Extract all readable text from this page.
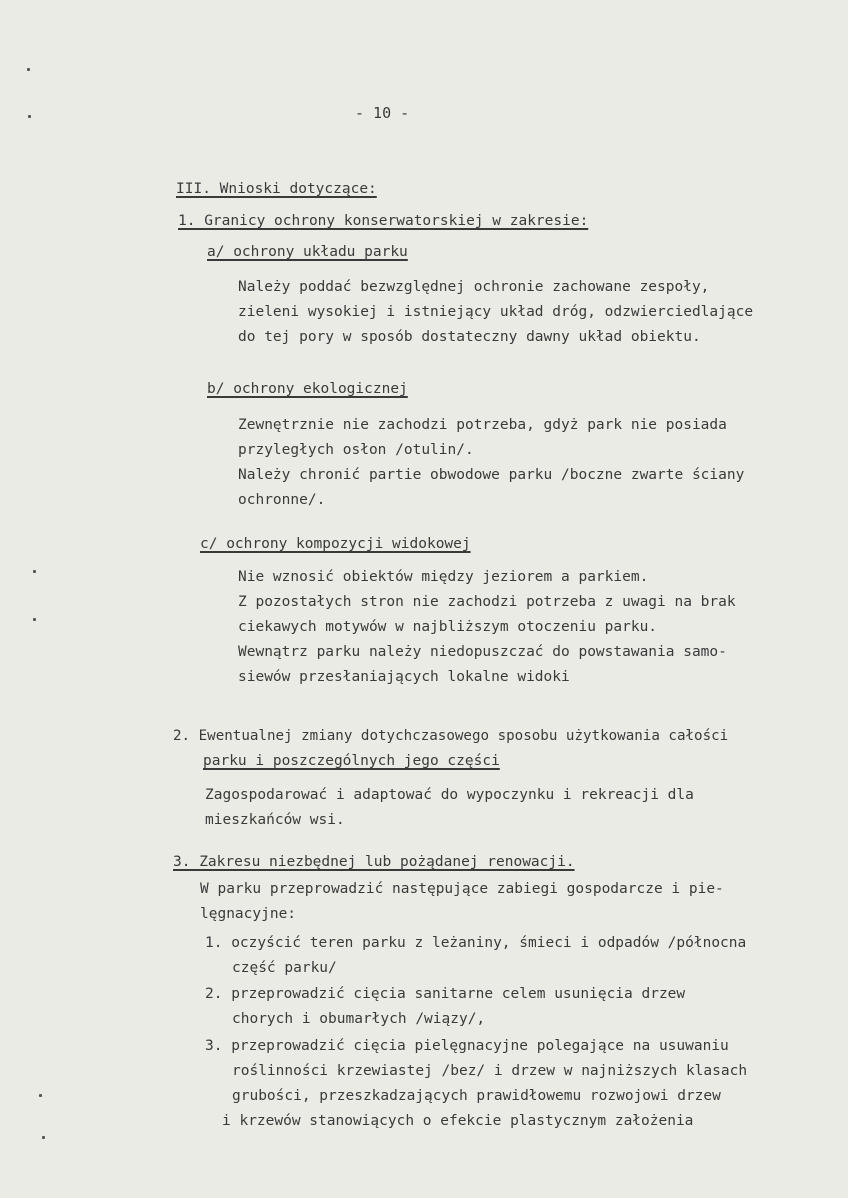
- 10 -
III. Wnioski dotyczące:
1. Granicy ochrony konserwatorskiej w zakresie:
a/ ochrony układu parku
Należy poddać bezwzględnej ochronie zachowane zespoły,
zieleni wysokiej i istniejący układ dróg, odzwierciedlające
do tej pory w sposób dostateczny dawny układ obiektu.
b/ ochrony ekologicznej
Zewnętrznie nie zachodzi potrzeba, gdyż park nie posiada
przyległych osłon /otulin/.
Należy chronić partie obwodowe parku /boczne zwarte ściany
ochronne/.
c/ ochrony kompozycji widokowej
Nie wznosić obiektów między jeziorem a parkiem.
Z pozostałych stron nie zachodzi potrzeba z uwagi na brak
ciekawych motywów w najbliższym otoczeniu parku.
Wewnątrz parku należy niedopuszczać do powstawania samo-
siewów przesłaniających lokalne widoki
2. Ewentualnej zmiany dotychczasowego sposobu użytkowania całości
parku i poszczególnych jego części
Zagospodarować i adaptować do wypoczynku i rekreacji dla
mieszkańców wsi.
3. Zakresu niezbędnej lub pożądanej renowacji.
W parku przeprowadzić następujące zabiegi gospodarcze i pie-
lęgnacyjne:
1. oczyścić teren parku z leżaniny, śmieci i odpadów /północna
część parku/
2. przeprowadzić cięcia sanitarne celem usunięcia drzew
chorych i obumarłych /wiązy/,
3. przeprowadzić cięcia pielęgnacyjne polegające na usuwaniu
roślinności krzewiastej /bez/ i drzew w najniższych klasach
grubości, przeszkadzających prawidłowemu rozwojowi drzew
i krzewów stanowiących o efekcie plastycznym założenia
